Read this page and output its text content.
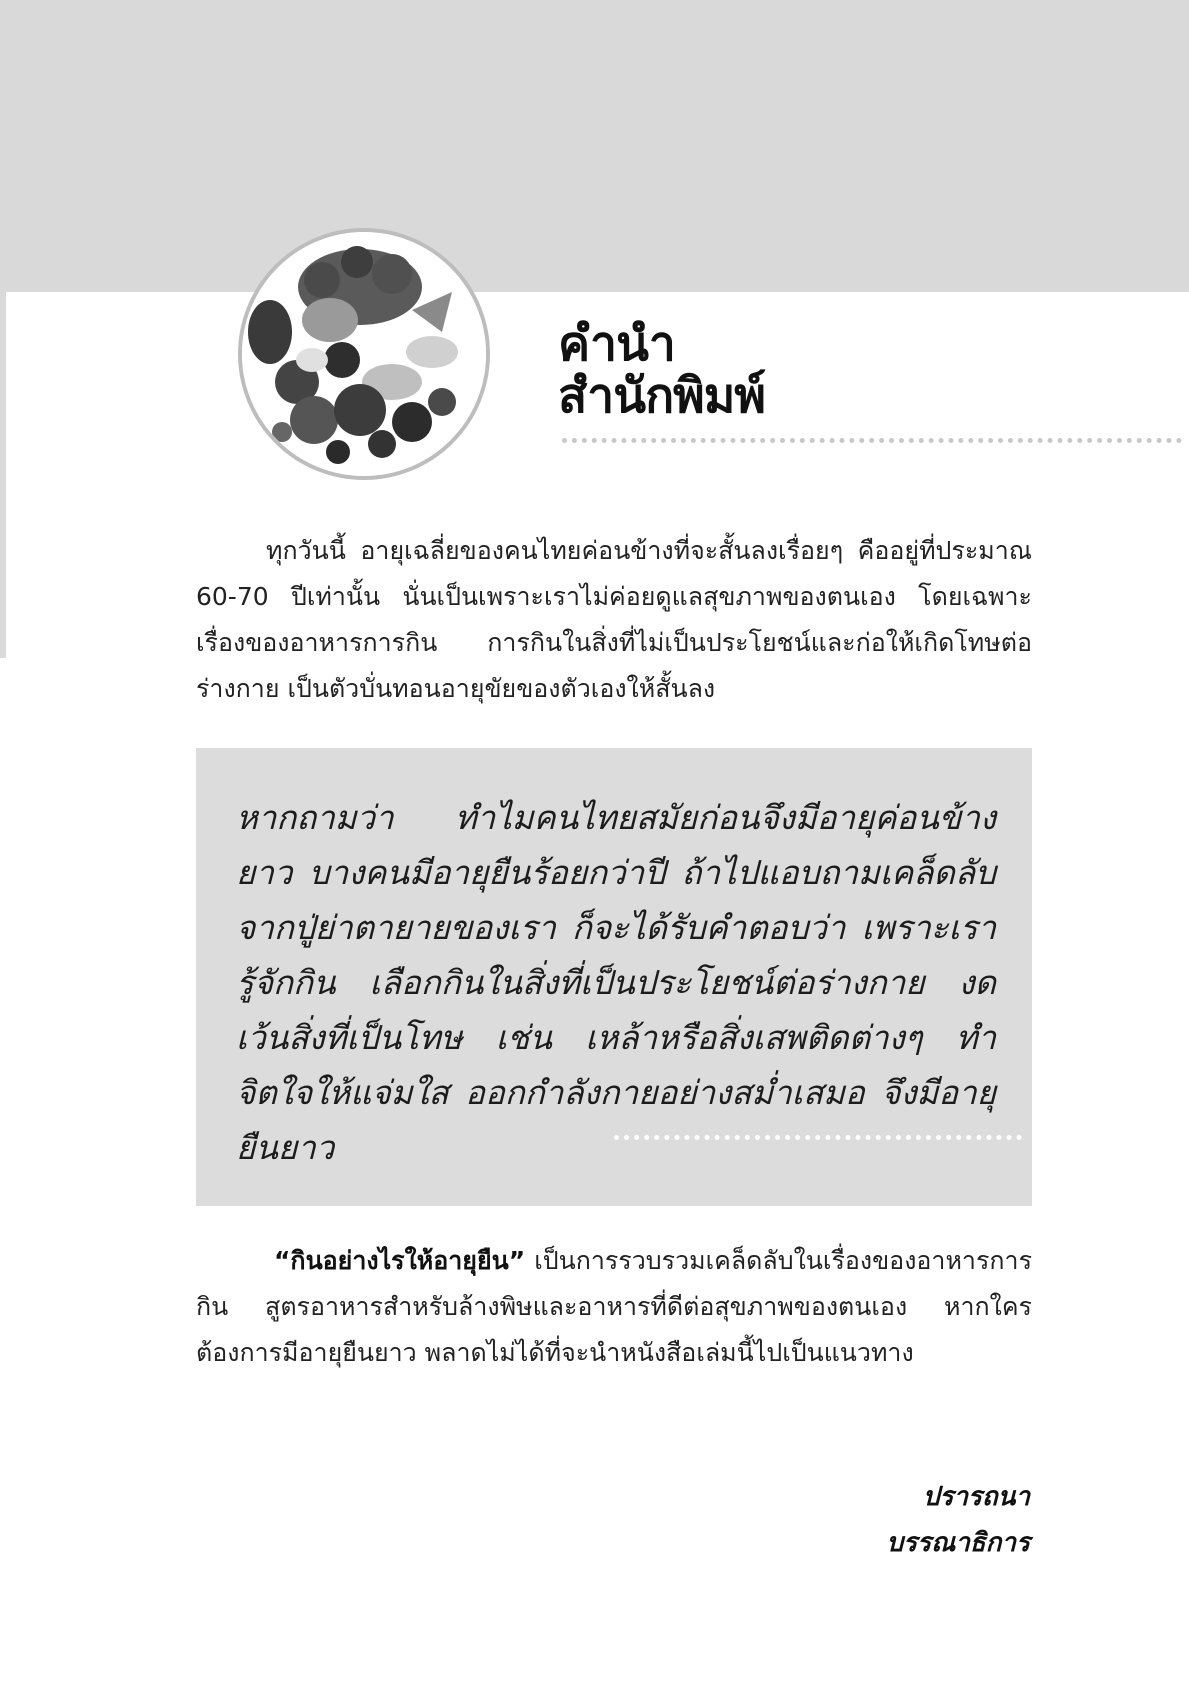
คำนำ
สำนักพิมพ์

ทุกวันนี้ อายุเฉลี่ยของคนไทยค่อนข้างที่จะสั้นลงเรื่อยๆ คืออยู่ที่ประมาณ 60-70 ปีเท่านั้น นั่นเป็นเพราะเราไม่ค่อยดูแลสุขภาพของตนเอง โดยเฉพาะเรื่องของอาหารการกิน การกินในสิ่งที่ไม่เป็นประโยชน์และก่อให้เกิดโทษต่อร่างกาย เป็นตัวบั่นทอนอายุขัยของตัวเองให้สั้นลง

หากถามว่า ทำไมคนไทยสมัยก่อนจึงมีอายุค่อนข้างยาว บางคนมีอายุยืนร้อยกว่าปี ถ้าไปแอบถามเคล็ดลับจากปู่ย่าตายายของเรา ก็จะได้รับคำตอบว่า เพราะเรารู้จักกิน เลือกกินในสิ่งที่เป็นประโยชน์ต่อร่างกาย งดเว้นสิ่งที่เป็นโทษ เช่น เหล้าหรือสิ่งเสพติดต่างๆ ทำจิตใจให้แจ่มใส ออกกำลังกายอย่างสม่ำเสมอ จึงมีอายุยืนยาว

“กินอย่างไรให้อายุยืน” เป็นการรวบรวมเคล็ดลับในเรื่องของอาหารการกิน สูตรอาหารสำหรับล้างพิษและอาหารที่ดีต่อสุขภาพของตนเอง หากใครต้องการมีอายุยืนยาว พลาดไม่ได้ที่จะนำหนังสือเล่มนี้ไปเป็นแนวทาง

ปรารถนา
บรรณาธิการ
